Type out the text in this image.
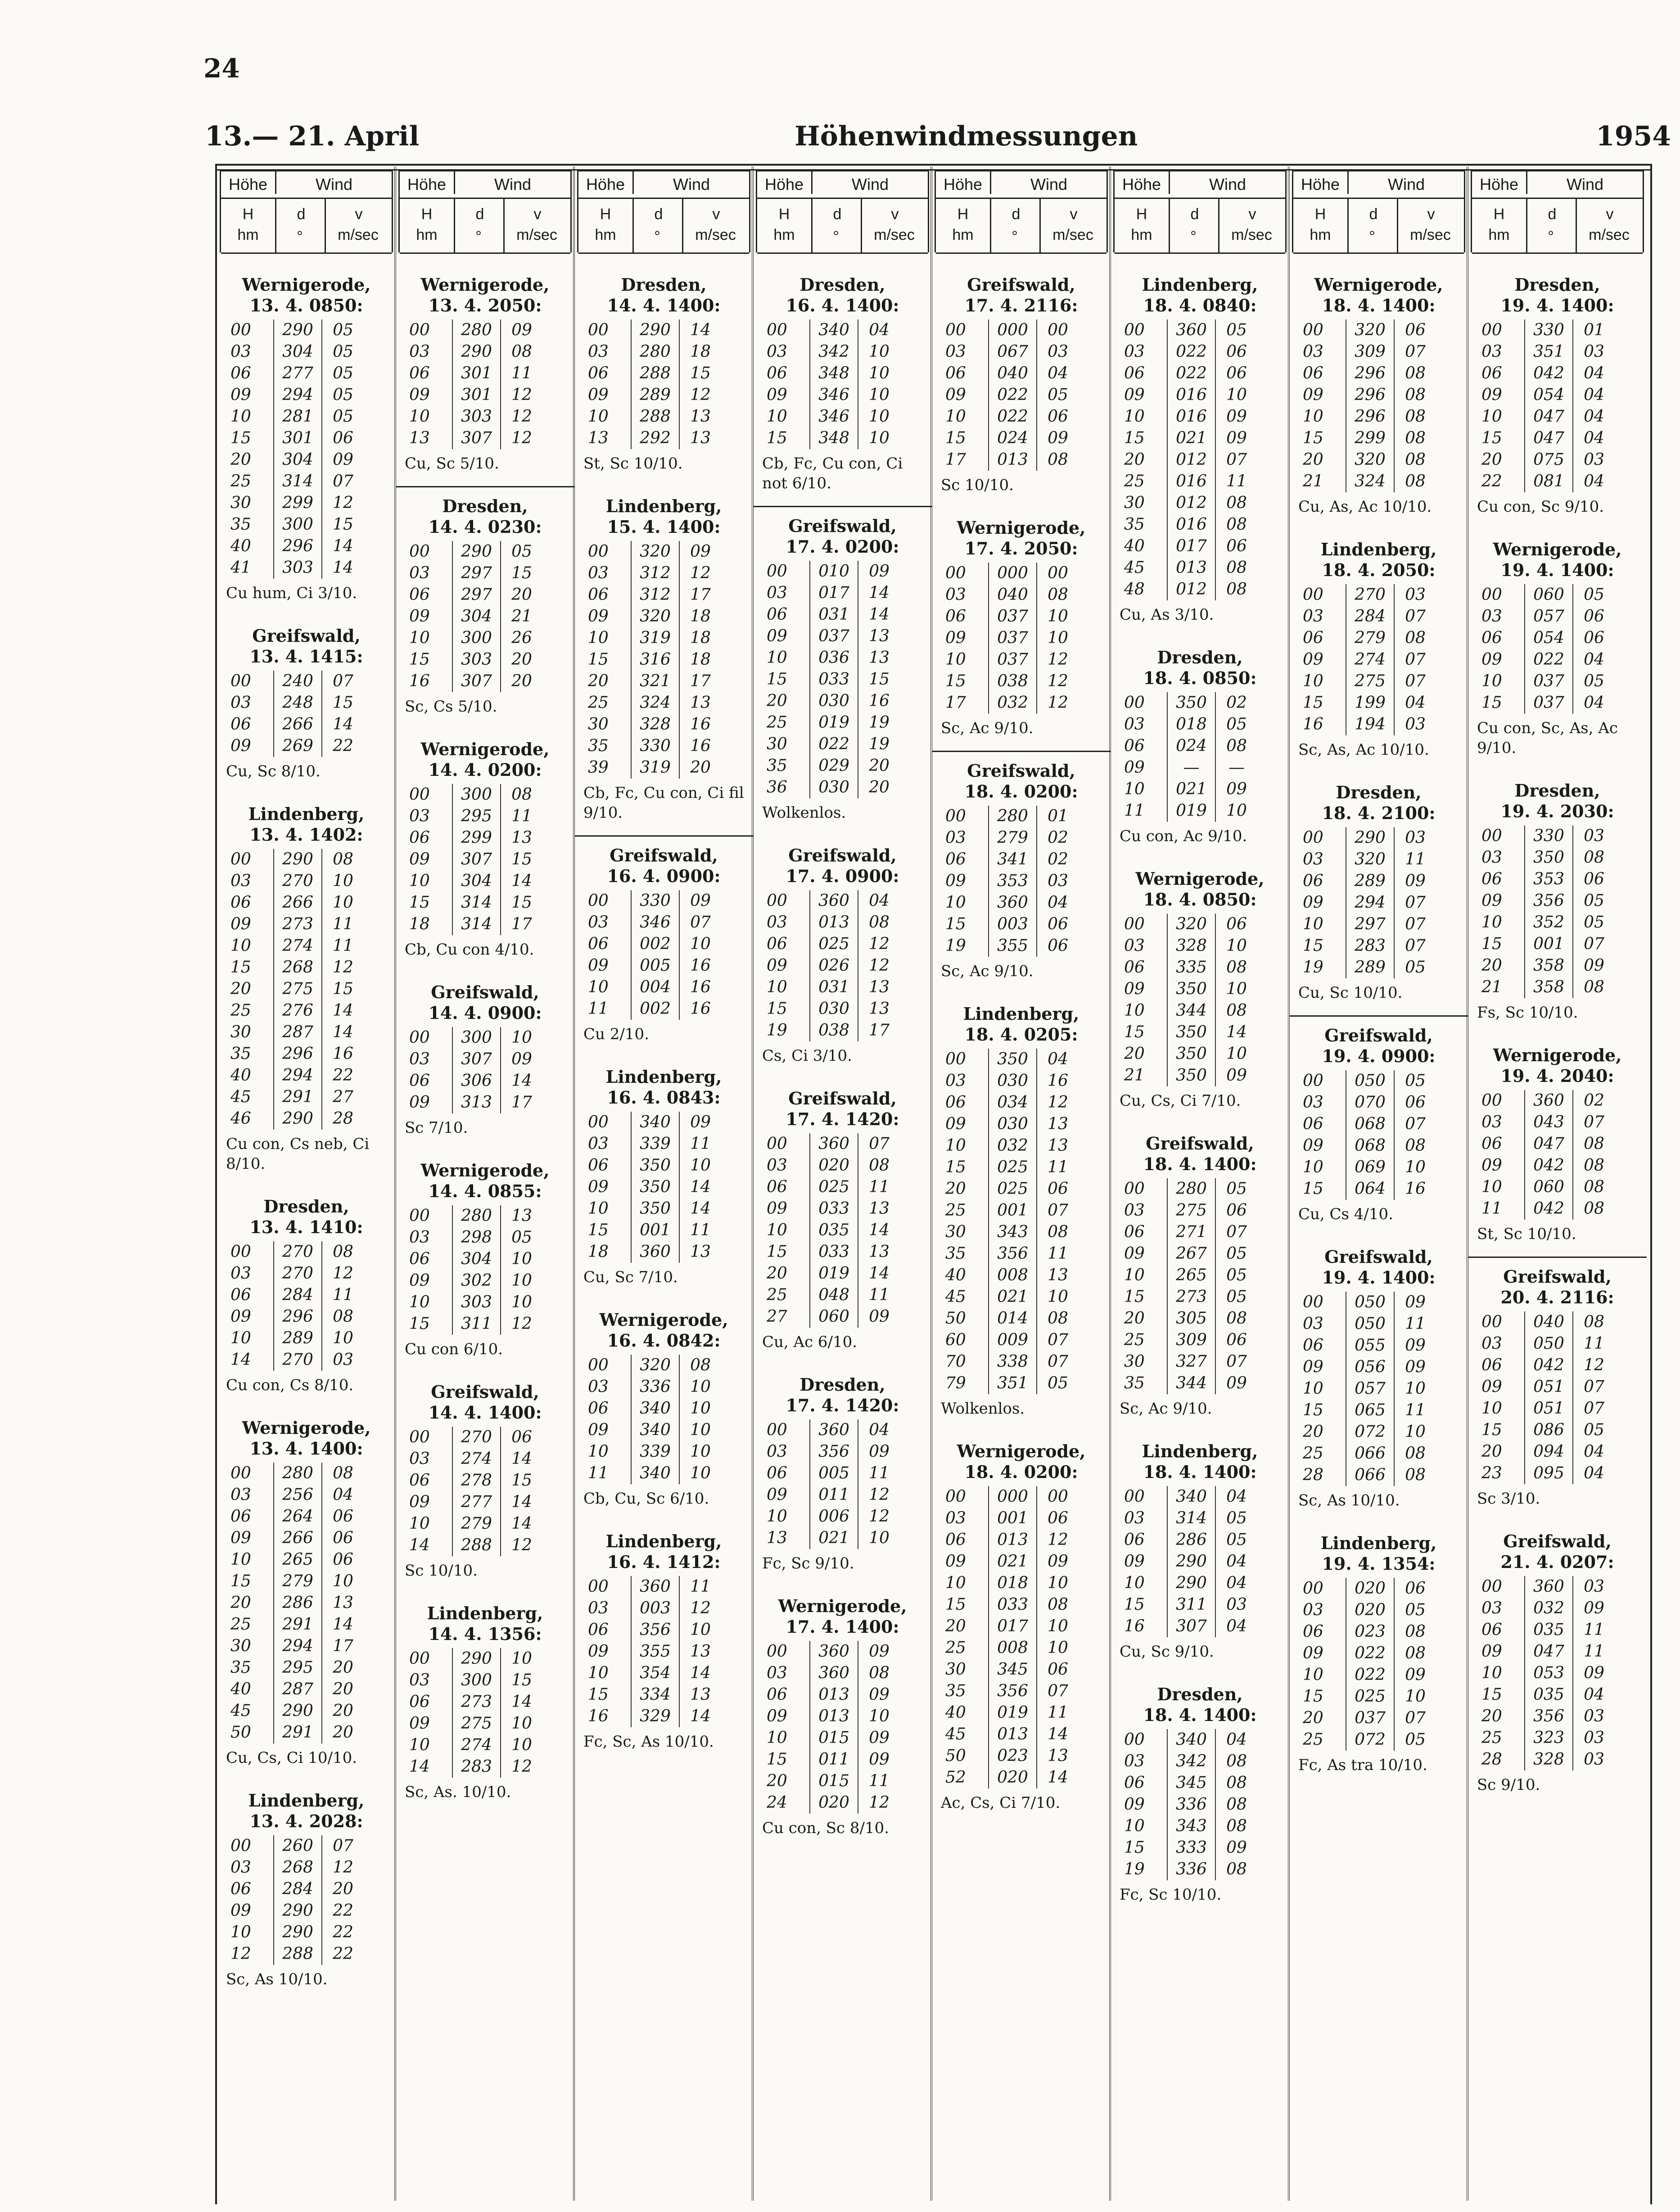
24
13.— 21. April	Höhenwindmessungen	1954
Höhe	Wind
H
hm
d
°
v
m/sec
Wernigerode,
13. 4. 0850:
00	290	05
03	304	05
06	277	05
09	294	05
10	281	05
15	301	06
20	304	09
25	314	07
30	299	12
35	300	15
40	296	14
41	303	14
Cu hum, Ci 3/10.
Greifswald,
13. 4. 1415:
00	240	07
03	248	15
06	266	14
09	269	22
Cu, Sc 8/10.
Lindenberg,
13. 4. 1402:
00	290	08
03	270	10
06	266	10
09	273	11
10	274	11
15	268	12
20	275	15
25	276	14
30	287	14
35	296	16
40	294	22
45	291	27
46	290	28
Cu con, Cs neb, Ci 8/10.
Dresden,
13. 4. 1410:
00	270	08
03	270	12
06	284	11
09	296	08
10	289	10
14	270	03
Cu con, Cs 8/10.
Wernigerode,
13. 4. 1400:
00	280	08
03	256	04
06	264	06
09	266	06
10	265	06
15	279	10
20	286	13
25	291	14
30	294	17
35	295	20
40	287	20
45	290	20
50	291	20
Cu, Cs, Ci 10/10.
Lindenberg,
13. 4. 2028:
00	260	07
03	268	12
06	284	20
09	290	22
10	290	22
12	288	22
Sc, As 10/10.
Höhe	Wind
H
hm
d
°
v
m/sec
Wernigerode,
13. 4. 2050:
00	280	09
03	290	08
06	301	11
09	301	12
10	303	12
13	307	12
Cu, Sc 5/10.
Dresden,
14. 4. 0230:
00	290	05
03	297	15
06	297	20
09	304	21
10	300	26
15	303	20
16	307	20
Sc, Cs 5/10.
Wernigerode,
14. 4. 0200:
00	300	08
03	295	11
06	299	13
09	307	15
10	304	14
15	314	15
18	314	17
Cb, Cu con 4/10.
Greifswald,
14. 4. 0900:
00	300	10
03	307	09
06	306	14
09	313	17
Sc 7/10.
Wernigerode,
14. 4. 0855:
00	280	13
03	298	05
06	304	10
09	302	10
10	303	10
15	311	12
Cu con 6/10.
Greifswald,
14. 4. 1400:
00	270	06
03	274	14
06	278	15
09	277	14
10	279	14
14	288	12
Sc 10/10.
Lindenberg,
14. 4. 1356:
00	290	10
03	300	15
06	273	14
09	275	10
10	274	10
14	283	12
Sc, As. 10/10.
Höhe	Wind
H
hm
d
°
v
m/sec
Dresden,
14. 4. 1400:
00	290	14
03	280	18
06	288	15
09	289	12
10	288	13
13	292	13
St, Sc 10/10.
Lindenberg,
15. 4. 1400:
00	320	09
03	312	12
06	312	17
09	320	18
10	319	18
15	316	18
20	321	17
25	324	13
30	328	16
35	330	16
39	319	20
Cb, Fc, Cu con, Ci fil 9/10.
Greifswald,
16. 4. 0900:
00	330	09
03	346	07
06	002	10
09	005	16
10	004	16
11	002	16
Cu 2/10.
Lindenberg,
16. 4. 0843:
00	340	09
03	339	11
06	350	10
09	350	14
10	350	14
15	001	11
18	360	13
Cu, Sc 7/10.
Wernigerode,
16. 4. 0842:
00	320	08
03	336	10
06	340	10
09	340	10
10	339	10
11	340	10
Cb, Cu, Sc 6/10.
Lindenberg,
16. 4. 1412:
00	360	11
03	003	12
06	356	10
09	355	13
10	354	14
15	334	13
16	329	14
Fc, Sc, As 10/10.
Höhe	Wind
H
hm
d
°
v
m/sec
Dresden,
16. 4. 1400:
00	340	04
03	342	10
06	348	10
09	346	10
10	346	10
15	348	10
Cb, Fc, Cu con, Ci not 6/10.
Greifswald,
17. 4. 0200:
00	010	09
03	017	14
06	031	14
09	037	13
10	036	13
15	033	15
20	030	16
25	019	19
30	022	19
35	029	20
36	030	20
Wolkenlos.
Greifswald,
17. 4. 0900:
00	360	04
03	013	08
06	025	12
09	026	12
10	031	13
15	030	13
19	038	17
Cs, Ci 3/10.
Greifswald,
17. 4. 1420:
00	360	07
03	020	08
06	025	11
09	033	13
10	035	14
15	033	13
20	019	14
25	048	11
27	060	09
Cu, Ac 6/10.
Dresden,
17. 4. 1420:
00	360	04
03	356	09
06	005	11
09	011	12
10	006	12
13	021	10
Fc, Sc 9/10.
Wernigerode,
17. 4. 1400:
00	360	09
03	360	08
06	013	09
09	013	10
10	015	09
15	011	09
20	015	11
24	020	12
Cu con, Sc 8/10.
Höhe	Wind
H
hm
d
°
v
m/sec
Greifswald,
17. 4. 2116:
00	000	00
03	067	03
06	040	04
09	022	05
10	022	06
15	024	09
17	013	08
Sc 10/10.
Wernigerode,
17. 4. 2050:
00	000	00
03	040	08
06	037	10
09	037	10
10	037	12
15	038	12
17	032	12
Sc, Ac 9/10.
Greifswald,
18. 4. 0200:
00	280	01
03	279	02
06	341	02
09	353	03
10	360	04
15	003	06
19	355	06
Sc, Ac 9/10.
Lindenberg,
18. 4. 0205:
00	350	04
03	030	16
06	034	12
09	030	13
10	032	13
15	025	11
20	025	06
25	001	07
30	343	08
35	356	11
40	008	13
45	021	10
50	014	08
60	009	07
70	338	07
79	351	05
Wolkenlos.
Wernigerode,
18. 4. 0200:
00	000	00
03	001	06
06	013	12
09	021	09
10	018	10
15	033	08
20	017	10
25	008	10
30	345	06
35	356	07
40	019	11
45	013	14
50	023	13
52	020	14
Ac, Cs, Ci 7/10.
Höhe	Wind
H
hm
d
°
v
m/sec
Lindenberg,
18. 4. 0840:
00	360	05
03	022	06
06	022	06
09	016	10
10	016	09
15	021	09
20	012	07
25	016	11
30	012	08
35	016	08
40	017	06
45	013	08
48	012	08
Cu, As 3/10.
Dresden,
18. 4. 0850:
00	350	02
03	018	05
06	024	08
09	—	—
10	021	09
11	019	10
Cu con, Ac 9/10.
Wernigerode,
18. 4. 0850:
00	320	06
03	328	10
06	335	08
09	350	10
10	344	08
15	350	14
20	350	10
21	350	09
Cu, Cs, Ci 7/10.
Greifswald,
18. 4. 1400:
00	280	05
03	275	06
06	271	07
09	267	05
10	265	05
15	273	05
20	305	08
25	309	06
30	327	07
35	344	09
Sc, Ac 9/10.
Lindenberg,
18. 4. 1400:
00	340	04
03	314	05
06	286	05
09	290	04
10	290	04
15	311	03
16	307	04
Cu, Sc 9/10.
Dresden,
18. 4. 1400:
00	340	04
03	342	08
06	345	08
09	336	08
10	343	08
15	333	09
19	336	08
Fc, Sc 10/10.
Höhe	Wind
H
hm
d
°
v
m/sec
Wernigerode,
18. 4. 1400:
00	320	06
03	309	07
06	296	08
09	296	08
10	296	08
15	299	08
20	320	08
21	324	08
Cu, As, Ac 10/10.
Lindenberg,
18. 4. 2050:
00	270	03
03	284	07
06	279	08
09	274	07
10	275	07
15	199	04
16	194	03
Sc, As, Ac 10/10.
Dresden,
18. 4. 2100:
00	290	03
03	320	11
06	289	09
09	294	07
10	297	07
15	283	07
19	289	05
Cu, Sc 10/10.
Greifswald,
19. 4. 0900:
00	050	05
03	070	06
06	068	07
09	068	08
10	069	10
15	064	16
Cu, Cs 4/10.
Greifswald,
19. 4. 1400:
00	050	09
03	050	11
06	055	09
09	056	09
10	057	10
15	065	11
20	072	10
25	066	08
28	066	08
Sc, As 10/10.
Lindenberg,
19. 4. 1354:
00	020	06
03	020	05
06	023	08
09	022	08
10	022	09
15	025	10
20	037	07
25	072	05
Fc, As tra 10/10.
Höhe	Wind
H
hm
d
°
v
m/sec
Dresden,
19. 4. 1400:
00	330	01
03	351	03
06	042	04
09	054	04
10	047	04
15	047	04
20	075	03
22	081	04
Cu con, Sc 9/10.
Wernigerode,
19. 4. 1400:
00	060	05
03	057	06
06	054	06
09	022	04
10	037	05
15	037	04
Cu con, Sc, As, Ac 9/10.
Dresden,
19. 4. 2030:
00	330	03
03	350	08
06	353	06
09	356	05
10	352	05
15	001	07
20	358	09
21	358	08
Fs, Sc 10/10.
Wernigerode,
19. 4. 2040:
00	360	02
03	043	07
06	047	08
09	042	08
10	060	08
11	042	08
St, Sc 10/10.
Greifswald,
20. 4. 2116:
00	040	08
03	050	11
06	042	12
09	051	07
10	051	07
15	086	05
20	094	04
23	095	04
Sc 3/10.
Greifswald,
21. 4. 0207:
00	360	03
03	032	09
06	035	11
09	047	11
10	053	09
15	035	04
20	356	03
25	323	03
28	328	03
Sc 9/10.
